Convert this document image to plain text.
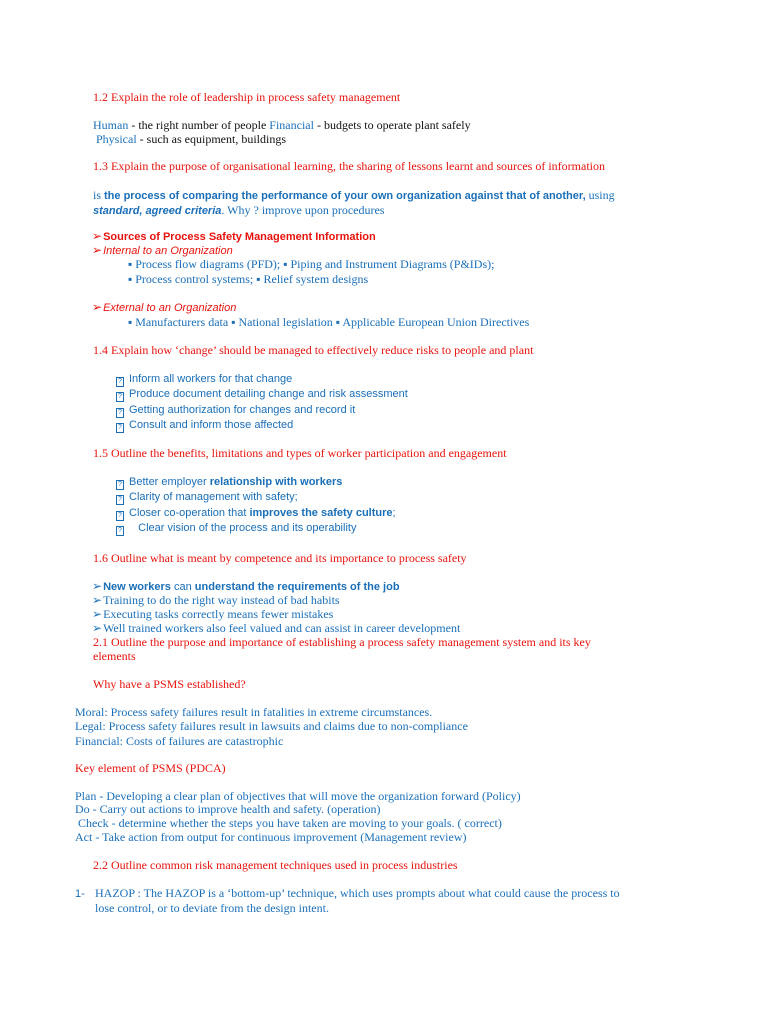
1.2 Explain the role of leadership in process safety management
Human - the right number of people Financial - budgets to operate plant safely
Physical - such as equipment, buildings
1.3 Explain the purpose of organisational learning, the sharing of lessons learnt and sources of information
is the process of comparing the performance of your own organization against that of another, using
standard, agreed criteria. Why ? improve upon procedures
➢Sources of Process Safety Management Information
➢Internal to an Organization
▪ Process flow diagrams (PFD); ▪ Piping and Instrument Diagrams (P&IDs);
▪ Process control systems; ▪ Relief system designs
➢External to an Organization
▪ Manufacturers data ▪ National legislation ▪ Applicable European Union Directives
1.4 Explain how ‘change’ should be managed to effectively reduce risks to people and plant
? Inform all workers for that change
? Produce document detailing change and risk assessment
? Getting authorization for changes and record it
? Consult and inform those affected
1.5 Outline the benefits, limitations and types of worker participation and engagement
? Better employer relationship with workers
? Clarity of management with safety;
? Closer co-operation that improves the safety culture;
?   Clear vision of the process and its operability
1.6 Outline what is meant by competence and its importance to process safety
➢New workers can understand the requirements of the job
➢Training to do the right way instead of bad habits
➢Executing tasks correctly means fewer mistakes
➢Well trained workers also feel valued and can assist in career development
2.1 Outline the purpose and importance of establishing a process safety management system and its key
elements
Why have a PSMS established?
Moral: Process safety failures result in fatalities in extreme circumstances.
Legal: Process safety failures result in lawsuits and claims due to non-compliance
Financial: Costs of failures are catastrophic
Key element of PSMS (PDCA)
Plan - Developing a clear plan of objectives that will move the organization forward (Policy)
Do - Carry out actions to improve health and safety. (operation)
Check - determine whether the steps you have taken are moving to your goals. ( correct)
Act - Take action from output for continuous improvement (Management review)
2.2 Outline common risk management techniques used in process industries
1- HAZOP : The HAZOP is a ‘bottom-up’ technique, which uses prompts about what could cause the process to
lose control, or to deviate from the design intent.
